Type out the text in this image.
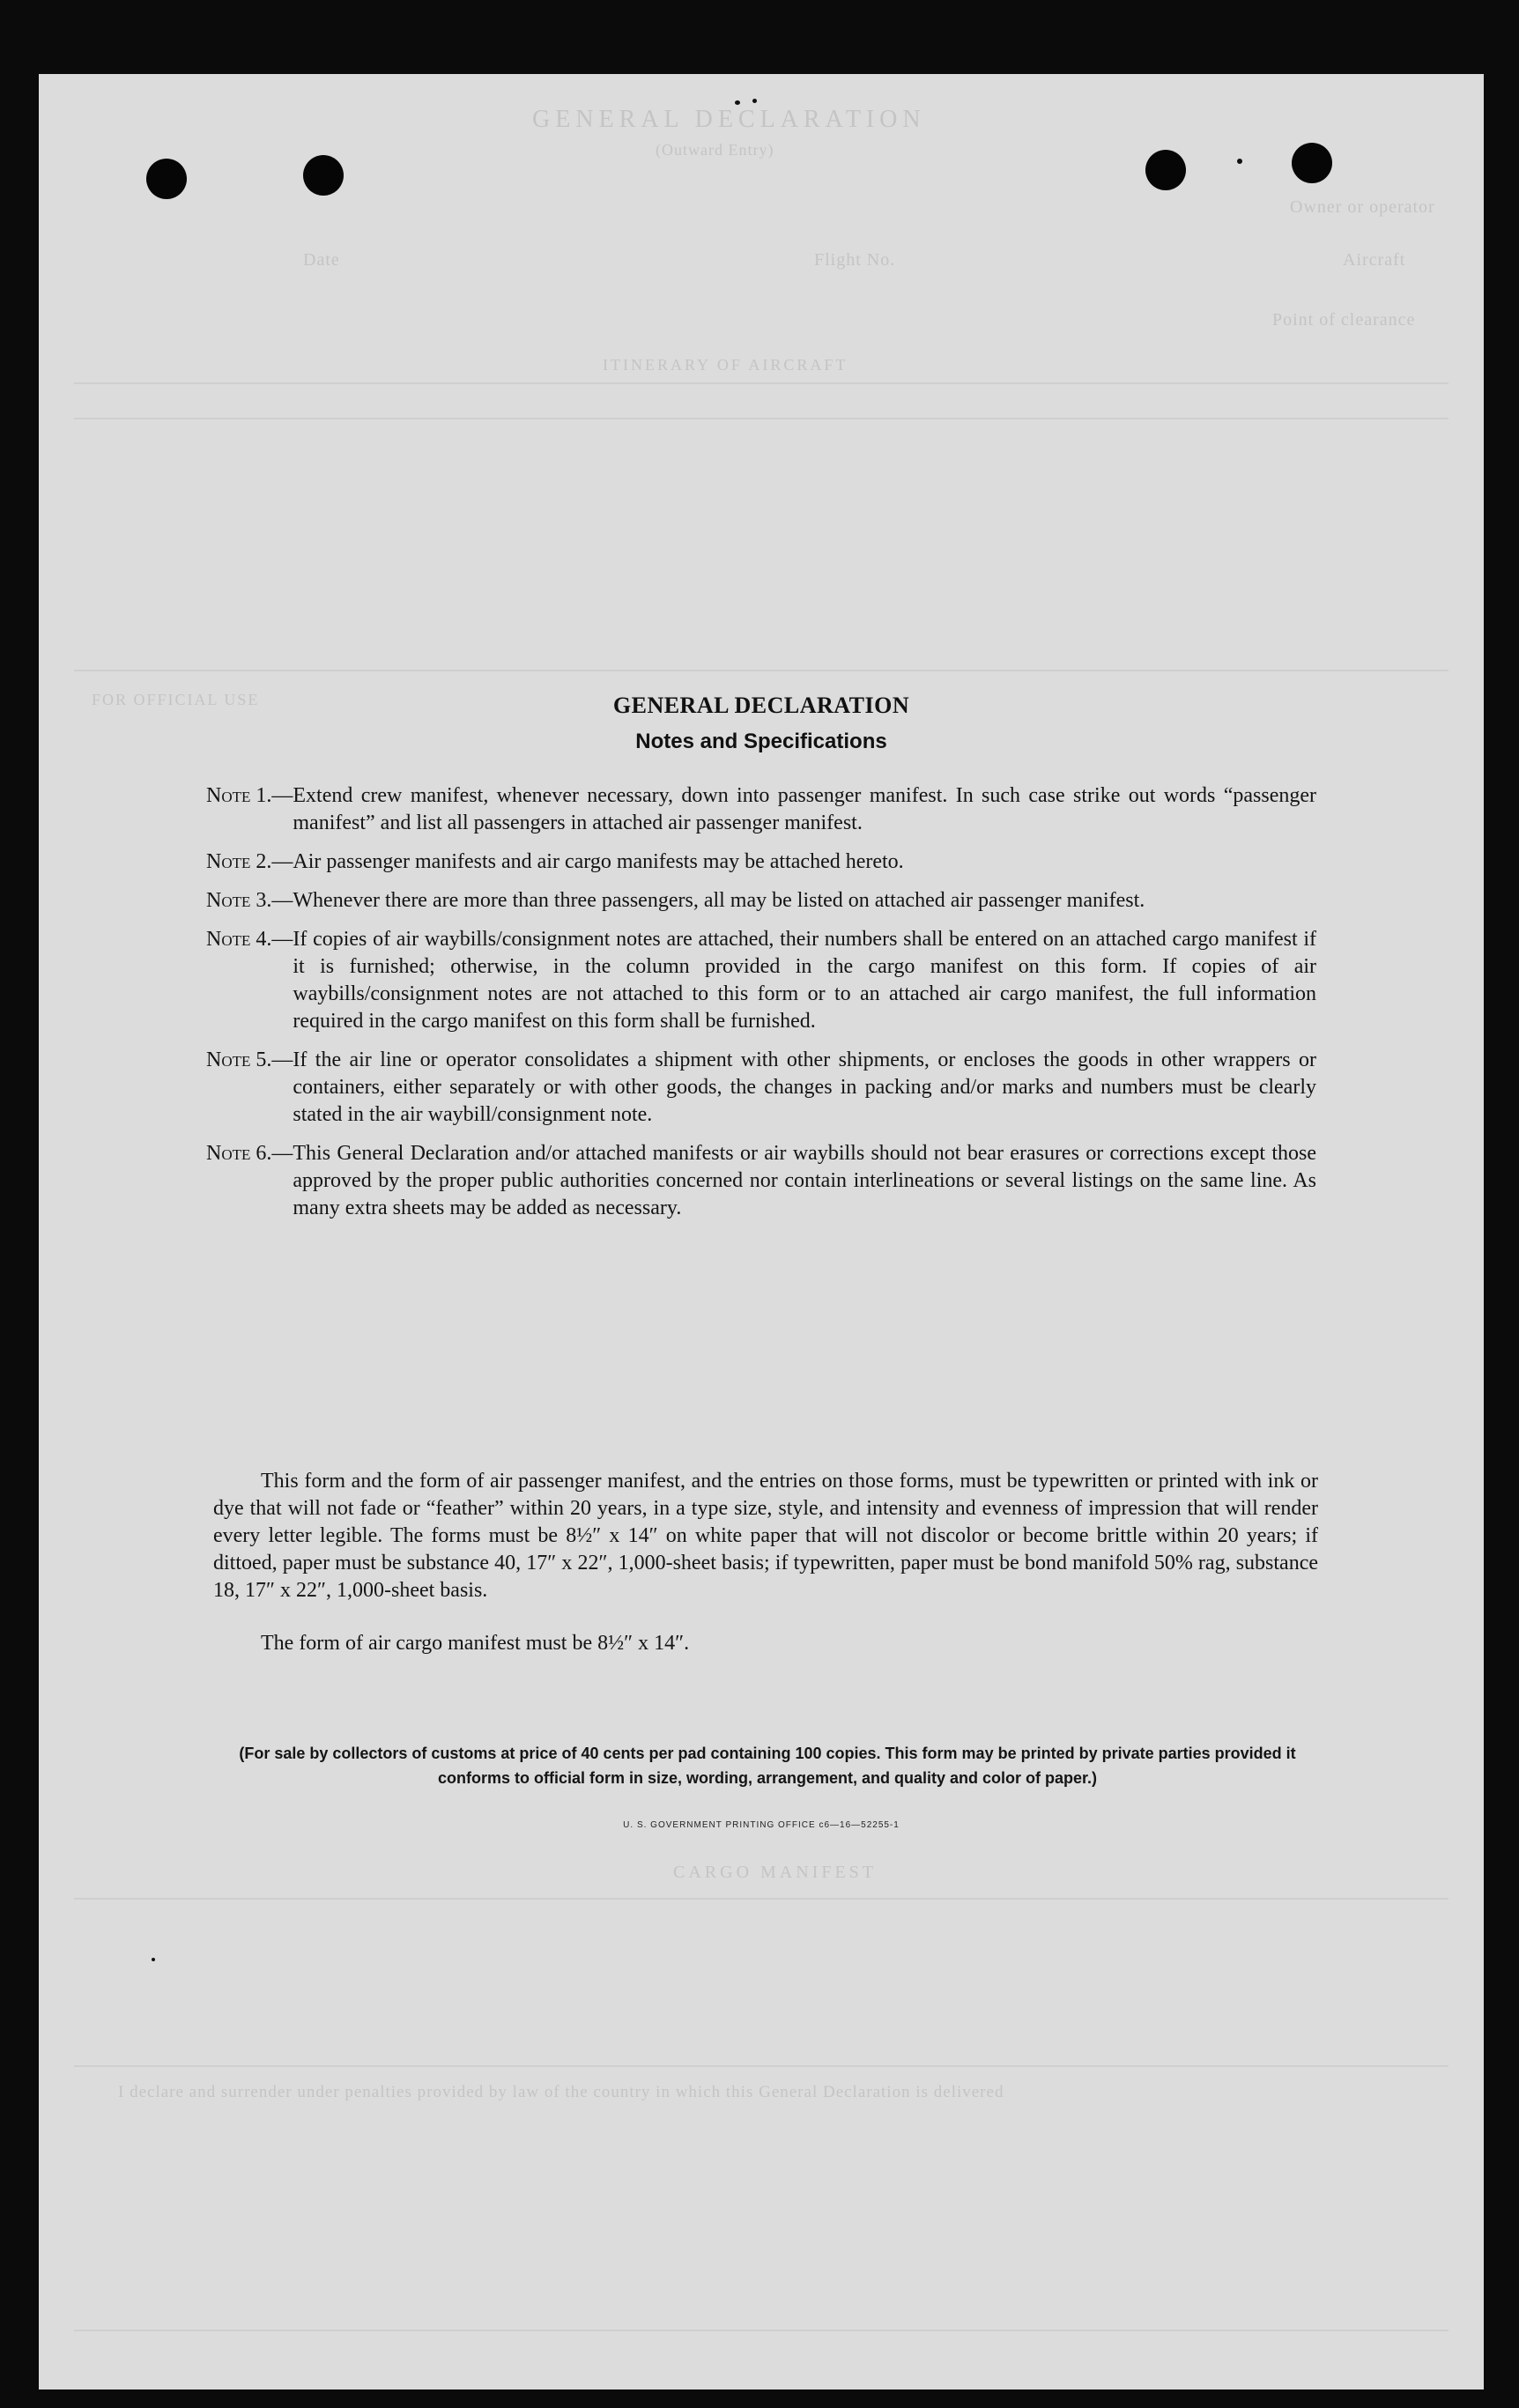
GENERAL DECLARATION
(Outward Entry)
Owner or operator
Aircraft
Flight No.
Date
Point of clearance
ITINERARY OF AIRCRAFT
FOR OFFICIAL USE
CARGO MANIFEST
I declare and surrender under penalties provided by law of the country in which this General Declaration is delivered
GENERAL DECLARATION
Notes and Specifications
Note 1.— Extend crew manifest, whenever necessary, down into passenger manifest. In such case strike out words “passenger manifest” and list all passengers in attached air passenger manifest.
Note 2.— Air passenger manifests and air cargo manifests may be attached hereto.
Note 3.— Whenever there are more than three passengers, all may be listed on attached air passenger manifest.
Note 4.— If copies of air waybills/consignment notes are attached, their numbers shall be entered on an attached cargo manifest if it is furnished; otherwise, in the column provided in the cargo manifest on this form. If copies of air waybills/consignment notes are not attached to this form or to an attached air cargo manifest, the full information required in the cargo manifest on this form shall be furnished.
Note 5.— If the air line or operator consolidates a shipment with other shipments, or encloses the goods in other wrappers or containers, either separately or with other goods, the changes in packing and/or marks and numbers must be clearly stated in the air waybill/consignment note.
Note 6.— This General Declaration and/or attached manifests or air waybills should not bear erasures or corrections except those approved by the proper public authorities concerned nor contain interlineations or several listings on the same line. As many extra sheets may be added as necessary.
This form and the form of air passenger manifest, and the entries on those forms, must be typewritten or printed with ink or dye that will not fade or “feather” within 20 years, in a type size, style, and intensity and evenness of impression that will render every letter legible. The forms must be 8½″ x 14″ on white paper that will not discolor or become brittle within 20 years; if dittoed, paper must be substance 40, 17″ x 22″, 1,000-sheet basis; if typewritten, paper must be bond manifold 50% rag, substance 18, 17″ x 22″, 1,000-sheet basis.
The form of air cargo manifest must be 8½″ x 14″.
(For sale by collectors of customs at price of 40 cents per pad containing 100 copies. This form may be printed by private parties provided it conforms to official form in size, wording, arrangement, and quality and color of paper.)
U. S. GOVERNMENT PRINTING OFFICE c6—16—52255-1
